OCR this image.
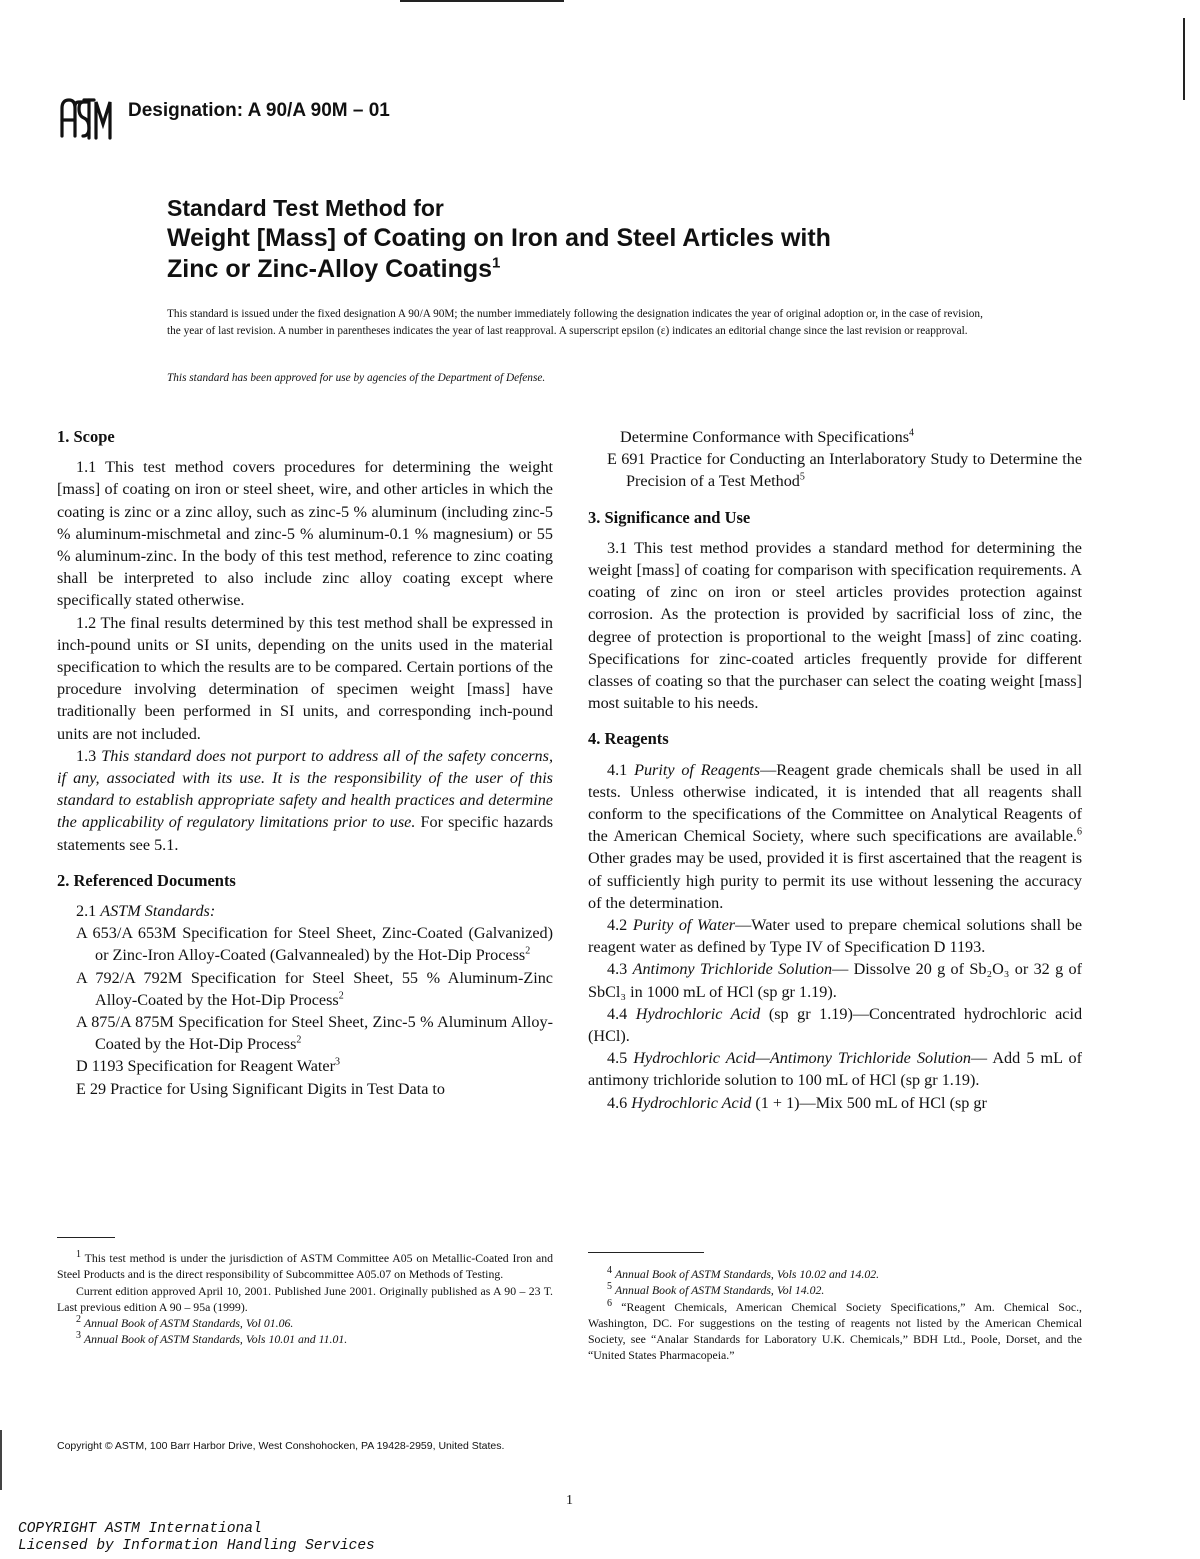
Designation: A 90/A 90M – 01
Standard Test Method for
Weight [Mass] of Coating on Iron and Steel Articles with
Zinc or Zinc-Alloy Coatings$^1$
This standard is issued under the fixed designation A 90/A 90M; the number immediately following the designation indicates the year of original adoption or, in the case of revision, the year of last revision. A number in parentheses indicates the year of last reapproval. A superscript epsilon (ε) indicates an editorial change since the last revision or reapproval.
This standard has been approved for use by agencies of the Department of Defense.
1. Scope

1.1 This test method covers procedures for determining the weight [mass] of coating on iron or steel sheet, wire, and other articles in which the coating is zinc or a zinc alloy, such as zinc-5 % aluminum (including zinc-5 % aluminum-mischmetal and zinc-5 % aluminum-0.1 % magnesium) or 55 % aluminum-zinc. In the body of this test method, reference to zinc coating shall be interpreted to also include zinc alloy coating except where specifically stated otherwise.

1.2 The final results determined by this test method shall be expressed in inch-pound units or SI units, depending on the units used in the material specification to which the results are to be compared. Certain portions of the procedure involving determination of specimen weight [mass] have traditionally been performed in SI units, and corresponding inch-pound units are not included.

1.3 This standard does not purport to address all of the safety concerns, if any, associated with its use. It is the responsibility of the user of this standard to establish appropriate safety and health practices and determine the applicability of regulatory limitations prior to use. For specific hazards statements see 5.1.

2. Referenced Documents

2.1 ASTM Standards:

A 653/A 653M Specification for Steel Sheet, Zinc-Coated (Galvanized) or Zinc-Iron Alloy-Coated (Galvannealed) by the Hot-Dip Process$^2$

A 792/A 792M Specification for Steel Sheet, 55 % Aluminum-Zinc Alloy-Coated by the Hot-Dip Process$^2$

A 875/A 875M Specification for Steel Sheet, Zinc-5 % Aluminum Alloy-Coated by the Hot-Dip Process$^2$

D 1193 Specification for Reagent Water$^3$

E 29 Practice for Using Significant Digits in Test Data to

Determine Conformance with Specifications$^4$

E 691 Practice for Conducting an Interlaboratory Study to Determine the Precision of a Test Method$^5$

3. Significance and Use

3.1 This test method provides a standard method for determining the weight [mass] of coating for comparison with specification requirements. A coating of zinc on iron or steel articles provides protection against corrosion. As the protection is provided by sacrificial loss of zinc, the degree of protection is proportional to the weight [mass] of zinc coating. Specifications for zinc-coated articles frequently provide for different classes of coating so that the purchaser can select the coating weight [mass] most suitable to his needs.

4. Reagents

4.1 Purity of Reagents—Reagent grade chemicals shall be used in all tests. Unless otherwise indicated, it is intended that all reagents shall conform to the specifications of the Committee on Analytical Reagents of the American Chemical Society, where such specifications are available.$^6$ Other grades may be used, provided it is first ascertained that the reagent is of sufficiently high purity to permit its use without lessening the accuracy of the determination.

4.2 Purity of Water—Water used to prepare chemical solutions shall be reagent water as defined by Type IV of Specification D 1193.

4.3 Antimony Trichloride Solution— Dissolve 20 g of Sb₂O₃ or 32 g of SbCl₃ in 1000 mL of HCl (sp gr 1.19).

4.4 Hydrochloric Acid (sp gr 1.19)—Concentrated hydrochloric acid (HCl).

4.5 Hydrochloric Acid—Antimony Trichloride Solution— Add 5 mL of antimony trichloride solution to 100 mL of HCl (sp gr 1.19).

4.6 Hydrochloric Acid (1 + 1)—Mix 500 mL of HCl (sp gr

$^1$ This test method is under the jurisdiction of ASTM Committee A05 on Metallic-Coated Iron and Steel Products and is the direct responsibility of Subcommittee A05.07 on Methods of Testing.

Current edition approved April 10, 2001. Published June 2001. Originally published as A 90 – 23 T. Last previous edition A 90 – 95a (1999).

$^2$ Annual Book of ASTM Standards, Vol 01.06.

$^3$ Annual Book of ASTM Standards, Vols 10.01 and 11.01.

$^4$ Annual Book of ASTM Standards, Vols 10.02 and 14.02.

$^5$ Annual Book of ASTM Standards, Vol 14.02.

$^6$ “Reagent Chemicals, American Chemical Society Specifications,” Am. Chemical Soc., Washington, DC. For suggestions on the testing of reagents not listed by the American Chemical Society, see “Analar Standards for Laboratory U.K. Chemicals,” BDH Ltd., Poole, Dorset, and the “United States Pharmacopeia.”

Copyright © ASTM, 100 Barr Harbor Drive, West Conshohocken, PA 19428-2959, United States.
1
COPYRIGHT ASTM International
Licensed by Information Handling Services
